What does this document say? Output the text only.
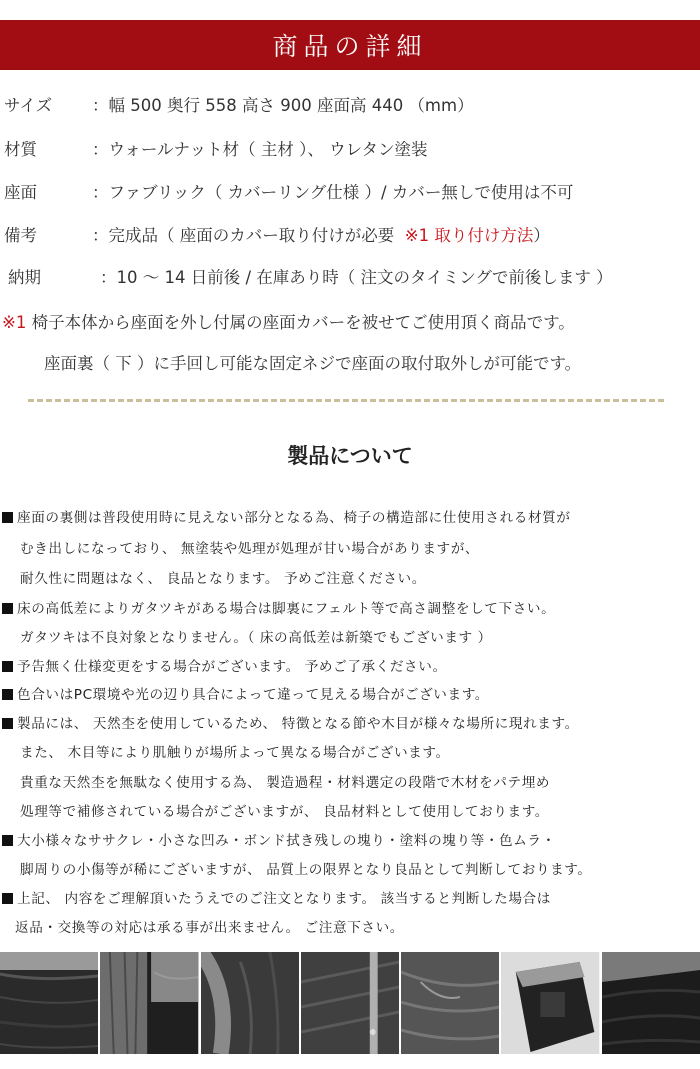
商品の詳細
サイズ ：幅 500 奥行 558 高さ 900 座面高 440 （mm）
材質	：ウォールナット材（ 主材 ）、 ウレタン塗装
座面	：ファブリック（ カバーリング仕様 ）/ カバー無しで使用は不可
備考	：完成品（ 座面のカバー取り付けが必要 ※1 取り付け方法）
納期	：10 ～ 14 日前後 / 在庫あり時（ 注文のタイミングで前後します ）
※1 椅子本体から座面を外し付属の座面カバーを被せてご使用頂く商品です。
座面裏（ 下 ）に手回し可能な固定ネジで座面の取付取外しが可能です。
製品について
座面の裏側は普段使用時に見えない部分となる為、椅子の構造部に仕使用される材質が
むき出しになっており、 無塗装や処理が処理が甘い場合がありますが、
耐久性に問題はなく、 良品となります。 予めご注意ください。
床の高低差によりガタツキがある場合は脚裏にフェルト等で高さ調整をして下さい。
ガタツキは不良対象となりません。（ 床の高低差は新築でもございます ）
予告無く仕様変更をする場合がございます。 予めご了承ください。
色合いはPC環境や光の辺り具合によって違って見える場合がございます。
製品には、 天然杢を使用しているため、 特徴となる節や木目が様々な場所に現れます。
また、 木目等により肌触りが場所よって異なる場合がございます。
貴重な天然杢を無駄なく使用する為、 製造過程・材料選定の段階で木材をパテ埋め
処理等で補修されている場合がございますが、 良品材料として使用しております。
大小様々なササクレ・小さな凹み・ボンド拭き残しの塊り・塗料の塊り等・色ムラ・
脚周りの小傷等が稀にございますが、 品質上の限界となり良品として判断しております。
上記、 内容をご理解頂いたうえでのご注文となります。 該当すると判断した場合は
返品・交換等の対応は承る事が出来ません。 ご注意下さい。
